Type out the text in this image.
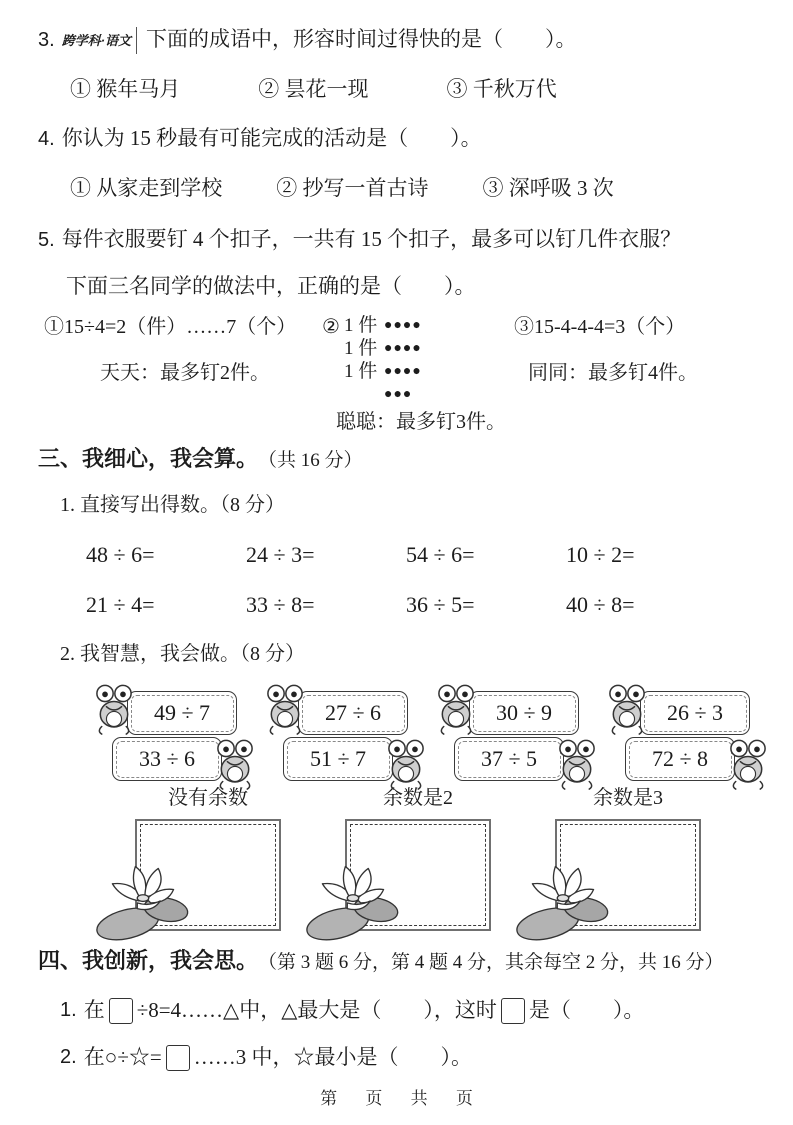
3. 跨学科·语文 下面的成语中，形容时间过得快的是（　　）。
① 猴年马月	② 昙花一现	③ 千秋万代
4. 你认为 15 秒最有可能完成的活动是（　　）。
① 从家走到学校	② 抄写一首古诗	③ 深呼吸 3 次
5. 每件衣服要钉 4 个扣子，一共有 15 个扣子，最多可以钉几件衣服？
下面三名同学的做法中，正确的是（　　）。
①15÷4=2（件）……7（个）
天天：最多钉2件。
② 1 件 ●●●●
1 件 ●●●●
1 件 ●●●●
●●●
聪聪：最多钉3件。
③15-4-4-4=3（个）
同同：最多钉4件。
三、我细心，我会算。 （共 16 分）
1. 直接写出得数。（8 分）
48 ÷ 6=	24 ÷ 3=	54 ÷ 6=	10 ÷ 2=
21 ÷ 4=	33 ÷ 8=	36 ÷ 5=	40 ÷ 8=
2. 我智慧，我会做。（8 分）
49 ÷ 7	27 ÷ 6	30 ÷ 9	26 ÷ 3
33 ÷ 6	51 ÷ 7	37 ÷ 5	72 ÷ 8
没有余数	余数是2	余数是3
四、我创新，我会思。 （第 3 题 6 分，第 4 题 4 分，其余每空 2 分，共 16 分）
1. 在 ÷8=4……△中，△最大是（　　），这时 是（　　）。
2. 在○÷☆= ……3 中，☆最小是（　　）。
第 页 共 页
